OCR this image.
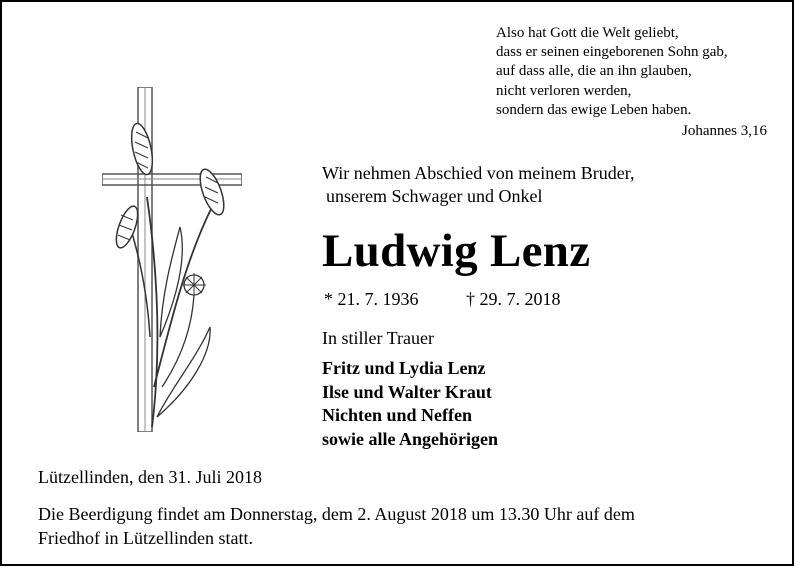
Also hat Gott die Welt geliebt,
dass er seinen eingeborenen Sohn gab,
auf dass alle, die an ihn glauben,
nicht verloren werden,
sondern das ewige Leben haben.
Johannes 3,16
Wir nehmen Abschied von meinem Bruder,
unserem Schwager und Onkel
Ludwig Lenz
* 21. 7. 1936	† 29. 7. 2018
In stiller Trauer
Fritz und Lydia Lenz
Ilse und Walter Kraut
Nichten und Neffen
sowie alle Angehörigen
Lützellinden, den 31. Juli 2018
Die Beerdigung findet am Donnerstag, dem 2. August 2018 um 13.30 Uhr auf dem
Friedhof in Lützellinden statt.
